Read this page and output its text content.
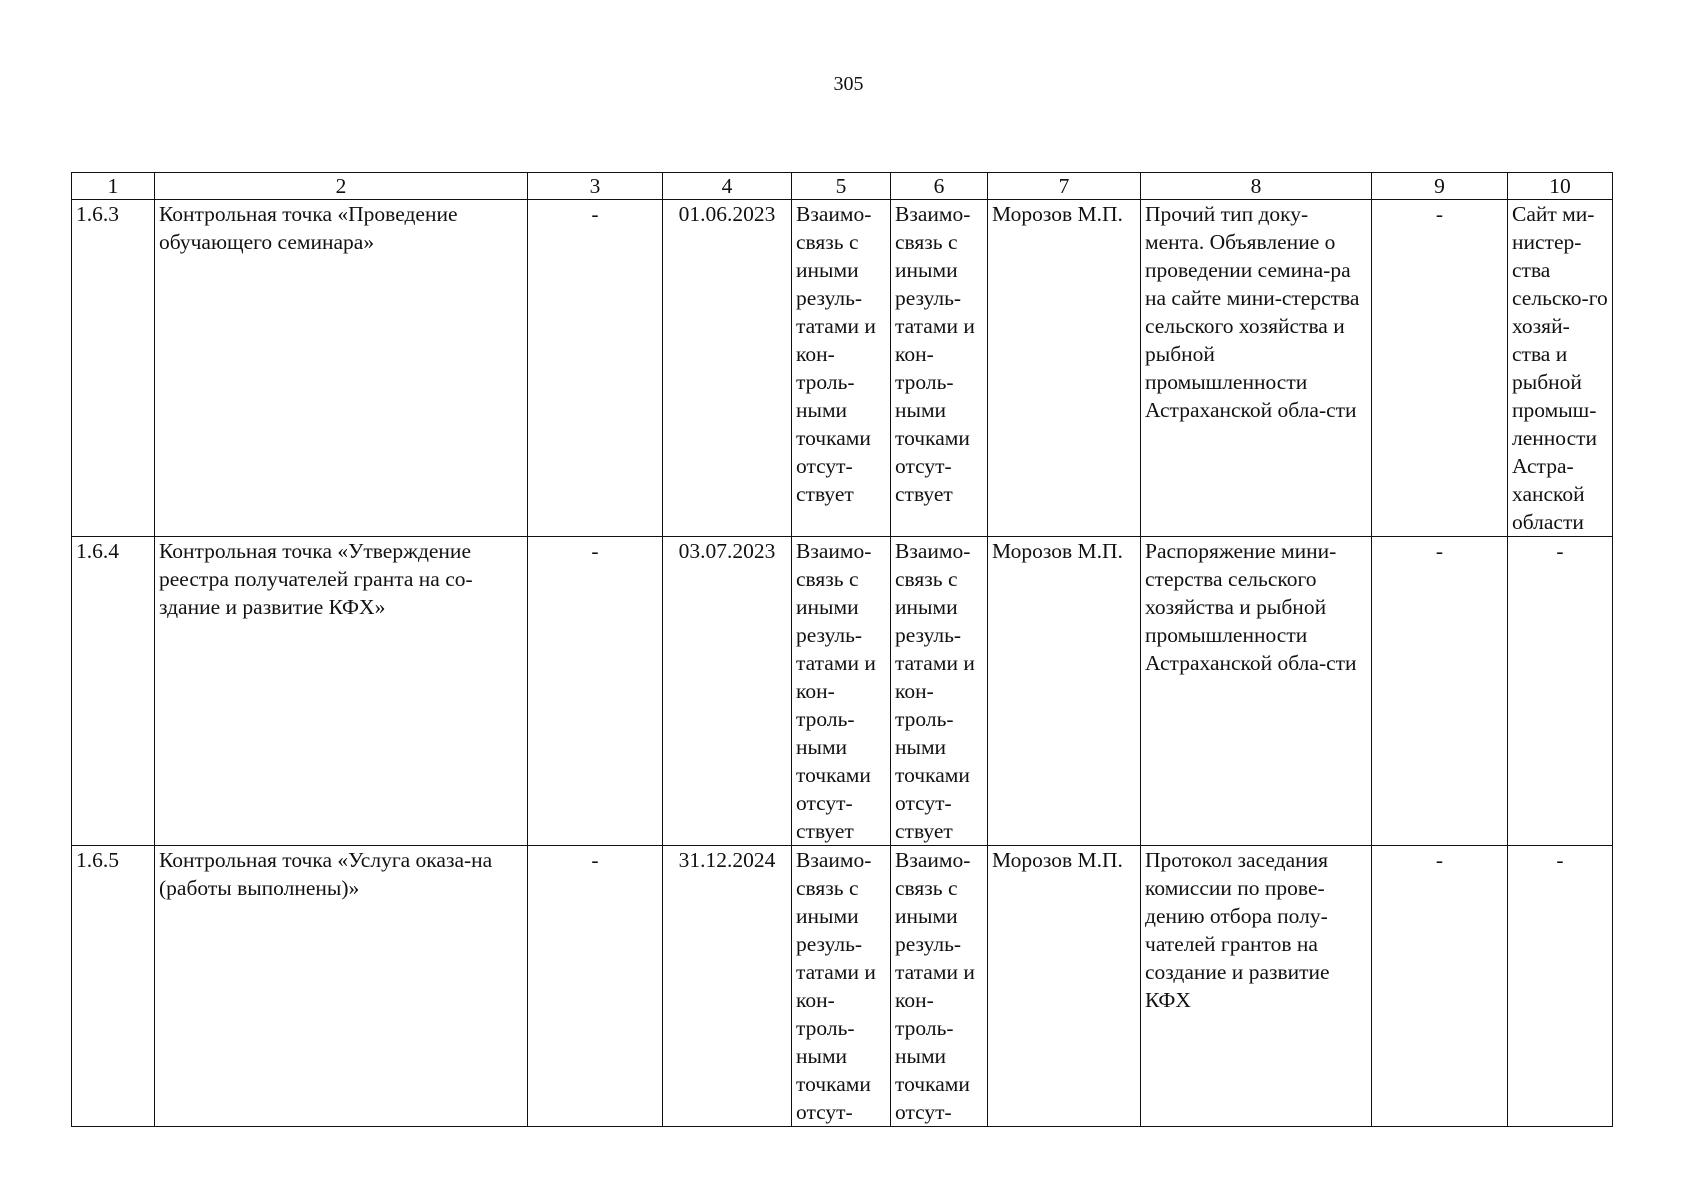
305
1	2	3	4	5	6	7	8	9	10
1.6.3	Контрольная точка «Проведение обучающего семинара»	-	01.06.2023	Взаимо-связь с иными резуль-татами и кон-троль-ными точками отсут-ствует	Взаимо-связь с иными резуль-татами и кон-троль-ными точками отсут-ствует	Морозов М.П.	Прочий тип доку-мента. Объявление о проведении семина-ра на сайте мини-стерства сельского хозяйства и рыбной промышленности Астраханской обла-сти	-	Сайт ми-нистер-ства сельско-го хозяй-ства и рыбной промыш-ленности Астра-ханской области
1.6.4	Контрольная точка «Утверждение реестра получателей гранта на со-здание и развитие КФХ»	-	03.07.2023	Взаимо-связь с иными резуль-татами и кон-троль-ными точками отсут-ствует	Взаимо-связь с иными резуль-татами и кон-троль-ными точками отсут-ствует	Морозов М.П.	Распоряжение мини-стерства сельского хозяйства и рыбной промышленности Астраханской обла-сти	-	-
1.6.5	Контрольная точка «Услуга оказа-на (работы выполнены)»	-	31.12.2024	Взаимо-связь с иными резуль-татами и кон-троль-ными точками отсут-	Взаимо-связь с иными резуль-татами и кон-троль-ными точками отсут-	Морозов М.П.	Протокол заседания комиссии по прове-дению отбора полу-чателей грантов на создание и развитие КФХ	-	-
